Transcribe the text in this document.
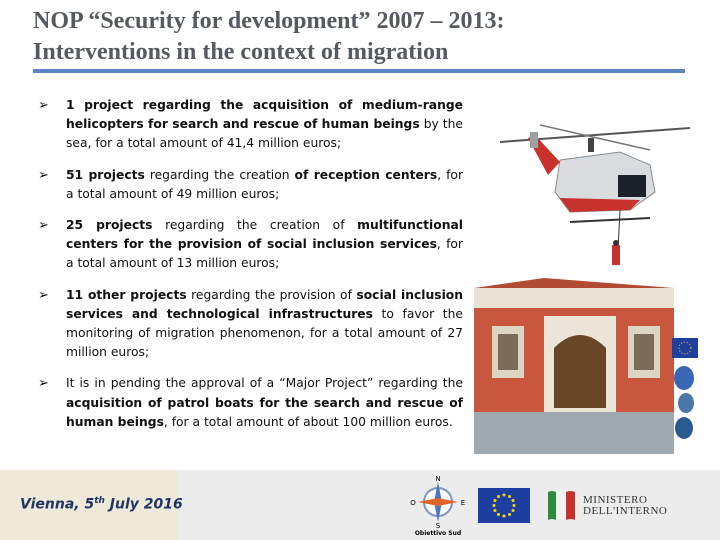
NOP “Security for development” 2007 – 2013:
Interventions in the context of migration
➢ 1 project regarding the acquisition of medium-range helicopters for search and rescue of human beings by the sea, for a total amount of 41,4 million euros;
➢ 51 projects regarding the creation of reception centers, for a total amount of 49 million euros;
➢ 25 projects regarding the creation of multifunctional centers for the provision of social inclusion services, for a total amount of 13 million euros;
➢ 11 other projects regarding the provision of social inclusion services and technological infrastructures to favor the monitoring of migration phenomenon, for a total amount of 27 million euros;
➢ It is in pending the approval of a “Major Project” regarding the acquisition of patrol boats for the search and rescue of human beings, for a total amount of about 100 million euros.
Vienna, 5th July 2016
N
S
O	E
Obiettivo Sud
MINISTERO
DELL'INTERNO
